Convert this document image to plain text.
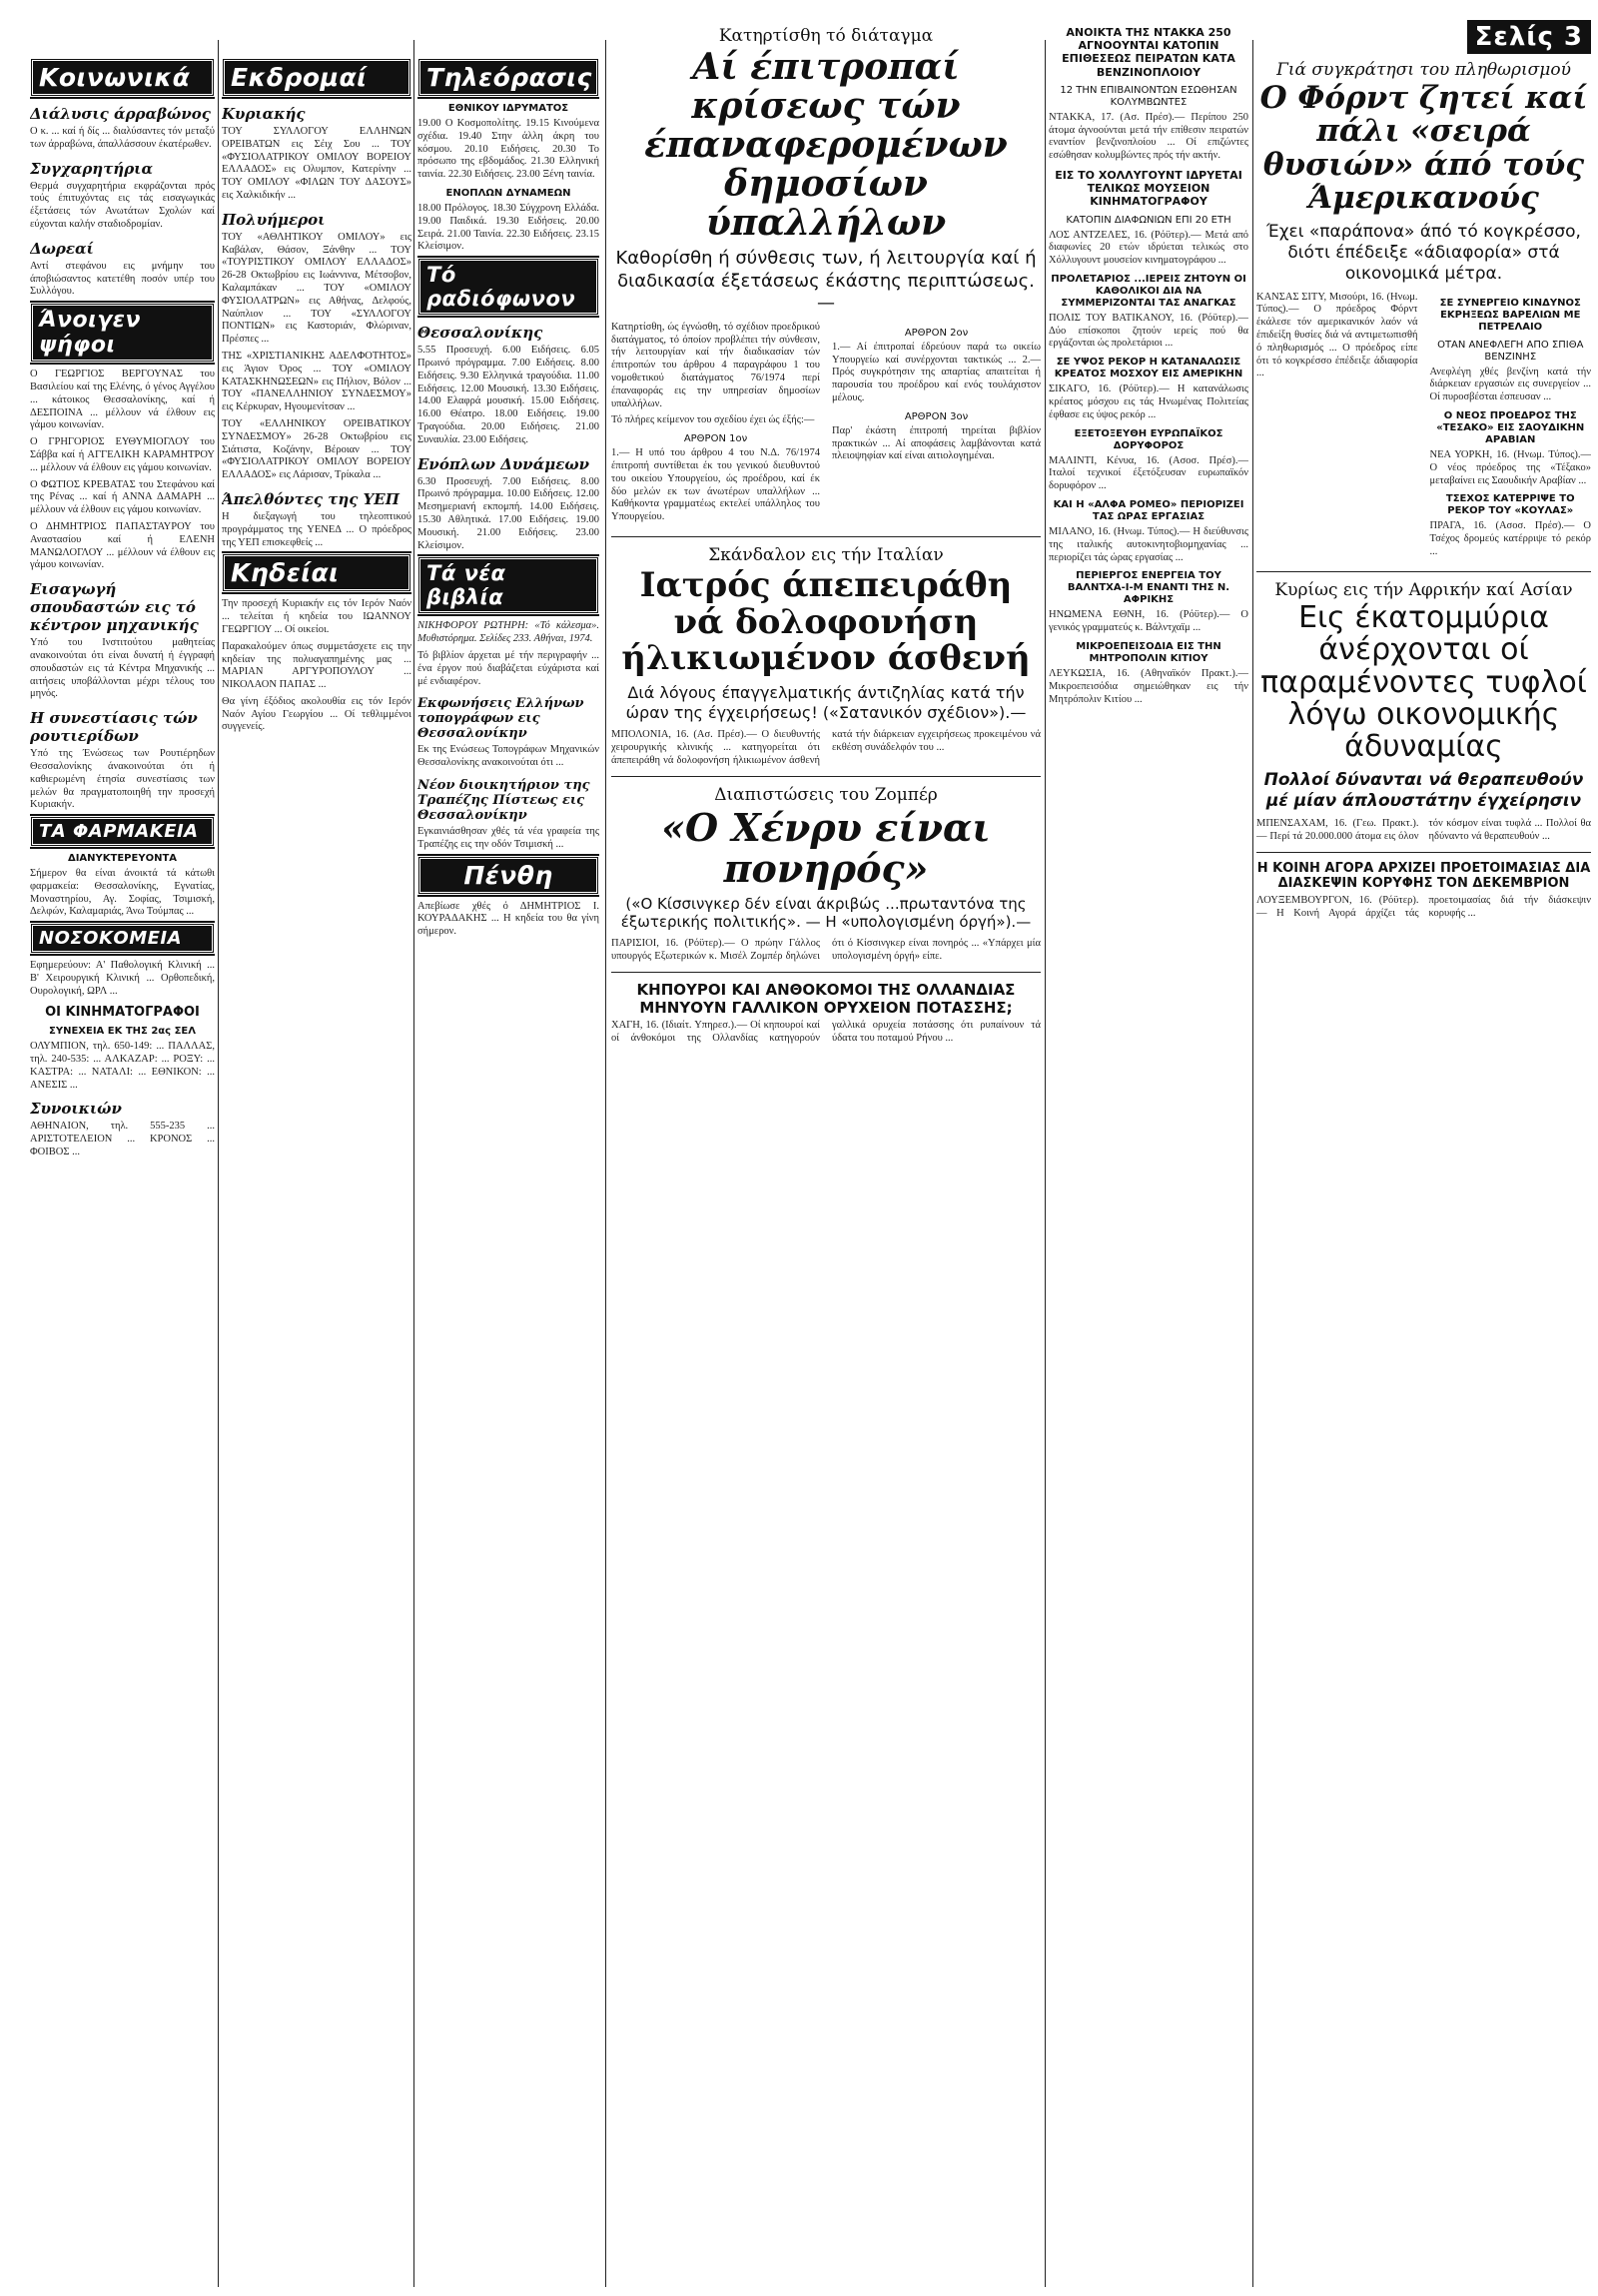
Κοινωνικά
Διάλυσις άρραβώνος

Ο κ. ... καί ή δίς ... διαλύσαντες τόν μεταξύ των άρραβώνα, άπαλλάσσουν έκατέρωθεν.

Συγχαρητήρια

Θερμά συγχαρητήρια εκφράζονται πρός τούς έπιτυχόντας εις τάς εισαγωγικάς έξετάσεις τών Ανωτάτων Σχολών καί εύχονται καλήν σταδιοδρομίαν.

Δωρεαί

Αντί στεφάνου εις μνήμην του άποβιώσαντος κατετέθη ποσόν υπέρ του Συλλόγου.

Άνοιγεν ψήφοι

Ο ΓΕΩΡΓΙΟΣ ΒΕΡΓΟΥΝΑΣ του Βασιλείου καί της Ελένης, ό γένος Αγγέλου ... κάτοικος Θεσσαλονίκης, καί ή ΔΕΣΠΟΙΝΑ ... μέλλουν νά έλθουν εις γάμου κοινωνίαν.

Ο ΓΡΗΓΟΡΙΟΣ ΕΥΘΥΜΙΟΓΛΟΥ του Σάββα καί ή ΑΓΓΕΛΙΚΗ ΚΑΡΑΜΗΤΡΟΥ ... μέλλουν νά έλθουν εις γάμου κοινωνίαν.

Ο ΦΩΤΙΟΣ ΚΡΕΒΑΤΑΣ του Στεφάνου καί της Ρένας ... καί ή ΑΝΝΑ ΔΑΜΑΡΗ ... μέλλουν νά έλθουν εις γάμου κοινωνίαν.

Ο ΔΗΜΗΤΡΙΟΣ ΠΑΠΑΣΤΑΥΡΟΥ του Αναστασίου καί ή ΕΛΕΝΗ ΜΑΝΩΛΟΓΛΟΥ ... μέλλουν νά έλθουν εις γάμου κοινωνίαν.

Εισαγωγή σπουδαστών εις τό κέντρον μηχανικής

Υπό του Ινστιτούτου μαθητείας ανακοινούται ότι είναι δυνατή ή έγγραφή σπουδαστών εις τά Κέντρα Μηχανικής ... αιτήσεις υποβάλλονται μέχρι τέλους του μηνός.

Η συνεστίασις τών ρουτιερίδων

Υπό της Ένώσεως των Ρουτιέρηδων Θεσσαλονίκης άνακοινούται ότι ή καθιερωμένη έτησία συνεστίασις των μελών θα πραγματοποιηθή την προσεχή Κυριακήν.

ΤΑ ΦΑΡΜΑΚΕΙΑ
ΔΙΑΝΥΚΤΕΡΕΥΟΝΤΑ

Σήμερον θα είναι άνοικτά τά κάτωθι φαρμακεία: Θεσσαλονίκης, Εγνατίας, Μοναστηρίου, Αγ. Σοφίας, Τσιμισκή, Δελφών, Καλαμαριάς, Άνω Τούμπας ...

ΝΟΣΟΚΟΜΕΙΑ

Εφημερεύουν: Α' Παθολογική Κλινική ... Β' Χειρουργική Κλινική ... Ορθοπεδική, Ουρολογική, ΩΡΛ ...

ΟΙ ΚΙΝΗΜΑΤΟΓΡΑΦΟΙ
ΣΥΝΕΧΕΙΑ ΕΚ ΤΗΣ 2ας ΣΕΛ

ΟΛΥΜΠΙΟΝ, τηλ. 650-149: ... ΠΑΛΛΑΣ, τηλ. 240-535: ... ΑΛΚΑΖΑΡ: ... ΡΟΞΥ: ... ΚΑΣΤΡΑ: ... ΝΑΤΑΛΙ: ... ΕΘΝΙΚΟΝ: ... ΑΝΕΣΙΣ ...

Συνοικιών

ΑΘΗΝΑΙΟΝ, τηλ. 555-235 ... ΑΡΙΣΤΟΤΕΛΕΙΟΝ ... ΚΡΟΝΟΣ ... ΦΟΙΒΟΣ ...

Εκδρομαί
Κυριακής

ΤΟΥ ΣΥΛΛΟΓΟΥ ΕΛΛΗΝΩΝ ΟΡΕΙΒΑΤΩΝ εις Σέιχ Σου ... ΤΟΥ «ΦΥΣΙΟΛΑΤΡΙΚΟΥ ΟΜΙΛΟΥ ΒΟΡΕΙΟΥ ΕΛΛΑΔΟΣ» εις Ολυμπον, Κατερίνην ... ΤΟΥ ΟΜΙΛΟΥ «ΦΙΛΩΝ ΤΟΥ ΔΑΣΟΥΣ» εις Χαλκιδικήν ...

Πολυήμεροι

ΤΟΥ «ΑΘΛΗΤΙΚΟΥ ΟΜΙΛΟΥ» εις Καβάλαν, Θάσον, Ξάνθην ... ΤΟΥ «ΤΟΥΡΙΣΤΙΚΟΥ ΟΜΙΛΟΥ ΕΛΛΑΔΟΣ» 26-28 Οκτωβρίου εις Ιωάννινα, Μέτσοβον, Καλαμπάκαν ... ΤΟΥ «ΟΜΙΛΟΥ ΦΥΣΙΟΛΑΤΡΩΝ» εις Αθήνας, Δελφούς, Ναύπλιον ... ΤΟΥ «ΣΥΛΛΟΓΟΥ ΠΟΝΤΙΩΝ» εις Καστοριάν, Φλώριναν, Πρέσπες ...

ΤΗΣ «ΧΡΙΣΤΙΑΝΙΚΗΣ ΑΔΕΛΦΟΤΗΤΟΣ» εις Άγιον Όρος ... ΤΟΥ «ΟΜΙΛΟΥ ΚΑΤΑΣΚΗΝΩΣΕΩΝ» εις Πήλιον, Βόλον ... ΤΟΥ «ΠΑΝΕΛΛΗΝΙΟΥ ΣΥΝΔΕΣΜΟΥ» εις Κέρκυραν, Ηγουμενίτσαν ...

ΤΟΥ «ΕΛΛΗΝΙΚΟΥ ΟΡΕΙΒΑΤΙΚΟΥ ΣΥΝΔΕΣΜΟΥ» 26-28 Οκτωβρίου εις Σιάτιστα, Κοζάνην, Βέροιαν ... ΤΟΥ «ΦΥΣΙΟΛΑΤΡΙΚΟΥ ΟΜΙΛΟΥ ΒΟΡΕΙΟΥ ΕΛΛΑΔΟΣ» εις Λάρισαν, Τρίκαλα ...

Άπελθόντες της ΥΕΠ

Η διεξαγωγή του τηλεοπτικού προγράμματος της ΥΕΝΕΔ ... Ο πρόεδρος της ΥΕΠ επισκεφθείς ...

Κηδείαι

Την προσεχή Κυριακήν εις τόν Ιερόν Ναόν ... τελείται ή κηδεία του ΙΩΑΝΝΟΥ ΓΕΩΡΓΙΟΥ ... Οί οικείοι.

Παρακαλούμεν όπως συμμετάσχετε εις την κηδείαν της πολυαγαπημένης μας ... ΜΑΡΙΑΝ ΑΡΓΥΡΟΠΟΥΛΟΥ ... ΝΙΚΟΛΑΟΝ ΠΑΠΑΣ ...

Θα γίνη έξόδιος ακολουθία εις τόν Ιερόν Ναόν Αγίου Γεωργίου ... Οί τεθλιμμένοι συγγενείς.

Τηλεόρασις
ΕΘΝΙΚΟΥ ΙΔΡΥΜΑΤΟΣ

19.00 Ο Κοσμοπολίτης. 19.15 Κινούμενα σχέδια. 19.40 Στην άλλη άκρη του κόσμου. 20.10 Ειδήσεις. 20.30 Το πρόσωπο της εβδομάδος. 21.30 Ελληνική ταινία. 22.30 Ειδήσεις. 23.00 Ξένη ταινία.

ΕΝΟΠΛΩΝ ΔΥΝΑΜΕΩΝ

18.00 Πρόλογος. 18.30 Σύγχρονη Ελλάδα. 19.00 Παιδικά. 19.30 Ειδήσεις. 20.00 Σειρά. 21.00 Ταινία. 22.30 Ειδήσεις. 23.15 Κλείσιμον.

Τό ραδιόφωνον
Θεσσαλονίκης

5.55 Προσευχή. 6.00 Ειδήσεις. 6.05 Πρωινό πρόγραμμα. 7.00 Ειδήσεις. 8.00 Ειδήσεις. 9.30 Ελληνικά τραγούδια. 11.00 Ειδήσεις. 12.00 Μουσική. 13.30 Ειδήσεις. 14.00 Ελαφρά μουσική. 15.00 Ειδήσεις. 16.00 Θέατρο. 18.00 Ειδήσεις. 19.00 Τραγούδια. 20.00 Ειδήσεις. 21.00 Συναυλία. 23.00 Ειδήσεις.

Ενόπλων Δυνάμεων

6.30 Προσευχή. 7.00 Ειδήσεις. 8.00 Πρωινό πρόγραμμα. 10.00 Ειδήσεις. 12.00 Μεσημεριανή εκπομπή. 14.00 Ειδήσεις. 15.30 Αθλητικά. 17.00 Ειδήσεις. 19.00 Μουσική. 21.00 Ειδήσεις. 23.00 Κλείσιμον.

Τά νέα βιβλία

ΝΙΚΗΦΟΡΟΥ ΡΩΤΗΡΗ: «Τό κάλεσμα». Μυθιστόρημα. Σελίδες 233. Αθήναι, 1974.

Τό βιβλίον άρχεται μέ τήν περιγραφήν ... ένα έργον πού διαβάζεται εύχάριστα καί μέ ενδιαφέρον.

Εκφωνήσεις Ελλήνων τοπογράφων εις Θεσσαλονίκην

Εκ της Ενώσεως Τοπογράφων Μηχανικών Θεσσαλονίκης ανακοινούται ότι ...

Νέον διοικητήριον της Τραπέζης Πίστεως εις Θεσσαλονίκην

Εγκαινιάσθησαν χθές τά νέα γραφεία της Τραπέζης εις την οδόν Τσιμισκή ...

Πένθη

Απεβίωσε χθές ό ΔΗΜΗΤΡΙΟΣ Ι. ΚΟΥΡΑΔΑΚΗΣ ... Η κηδεία του θα γίνη σήμερον.

Κατηρτίσθη τό διάταγμα
Αί έπιτροπαί κρίσεως τών έπαναφερομένων δημοσίων ύπαλλήλων
Καθορίσθη ή σύνθεσις των, ή λειτουργία καί ή διαδικασία έξετάσεως έκάστης περιπτώσεως.—

Κατηρτίσθη, ώς έγνώσθη, τό σχέδιον προεδρικού διατάγματος, τό όποίον προβλέπει τήν σύνθεσιν, τήν λειτουργίαν καί τήν διαδικασίαν τών έπιτροπών του άρθρου 4 παραγράφου 1 του νομοθετικού διατάγματος 76/1974 περί έπαναφοράς εις την υπηρεσίαν δημοσίων υπαλλήλων.

Τό πλήρες κείμενον του σχεδίου έχει ώς έξής:—

ΑΡΘΡΟΝ 1ον

1.— Η υπό του άρθρου 4 του Ν.Δ. 76/1974 έπιτροπή συντίθεται έκ του γενικού διευθυντού του οικείου Υπουργείου, ώς προέδρου, καί έκ δύο μελών εκ των άνωτέρων υπαλλήλων ... Καθήκοντα γραμματέως εκτελεί υπάλληλος του Υπουργείου.

ΑΡΘΡΟΝ 2ον

1.— Αί έπιτροπαί έδρεύουν παρά τω οικείω Υπουργείω καί συνέρχονται τακτικώς ... 2.— Πρός συγκρότησιν της απαρτίας απαιτείται ή παρουσία του προέδρου καί ενός τουλάχιστον μέλους.

ΑΡΘΡΟΝ 3ον

Παρ' έκάστη έπιτροπή τηρείται βιβλίον πρακτικών ... Αί αποφάσεις λαμβάνονται κατά πλειοψηφίαν καί είναι αιτιολογημέναι.

Σκάνδαλον εις τήν Ιταλίαν
Ιατρός άπεπειράθη νά δολοφονήση ήλικιωμένον άσθενή
Διά λόγους έπαγγελματικής άντιζηλίας κατά τήν ώραν της έγχειρήσεως! («Σατανικόν σχέδιον»).—

ΜΠΟΛΟΝΙΑ, 16. (Ασ. Πρέσ).— Ο διευθυντής χειρουργικής κλινικής ... κατηγορείται ότι άπεπειράθη νά δολοφονήση ήλικιωμένον άσθενή κατά τήν διάρκειαν εγχειρήσεως προκειμένου νά εκθέση συνάδελφόν του ...

Διαπιστώσεις του Ζομπέρ
«Ο Χένρυ είναι πονηρός»
(«Ο Κίσσινγκερ δέν είναι άκριβώς ...πρωταντόνα της έξωτερικής πολιτικής». — Η «υπολογισμένη όργή»).—

ΠΑΡΙΣΙΟΙ, 16. (Ρόϋτερ).— Ο πρώην Γάλλος υπουργός Εξωτερικών κ. Μισέλ Ζομπέρ δηλώνει ότι ό Κίσσινγκερ είναι πονηρός ... «Υπάρχει μία υπολογισμένη όργή» είπε.

ΚΗΠΟΥΡΟΙ ΚΑΙ ΑΝΘΟΚΟΜΟΙ ΤΗΣ ΟΛΛΑΝΔΙΑΣ ΜΗΝΥΟΥΝ ΓΑΛΛΙΚΟΝ ΟΡΥΧΕΙΟΝ ΠΟΤΑΣΣΗΣ;

ΧΑΓΗ, 16. (Ιδιαίτ. Υπηρεσ.).— Οί κηπουροί καί οί άνθοκόμοι της Ολλανδίας κατηγορούν γαλλικά ορυχεία ποτάσσης ότι ρυπαίνουν τά ύδατα του ποταμού Ρήνου ...

ΑΝΟΙΚΤΑ ΤΗΣ ΝΤΑΚΚΑ 250 ΑΓΝΟΟΥΝΤΑΙ ΚΑΤΟΠΙΝ ΕΠΙΘΕΣΕΩΣ ΠΕΙΡΑΤΩΝ ΚΑΤΑ ΒΕΝΖΙΝΟΠΛΟΙΟΥ
12 ΤΗΝ ΕΠΙΒΑΙΝΟΝΤΩΝ ΕΣΩΘΗΣΑΝ ΚΟΛΥΜΒΩΝΤΕΣ

ΝΤΑΚΚΑ, 17. (Ασ. Πρέσ).— Περίπου 250 άτομα άγνοούνται μετά τήν επίθεσιν πειρατών εναντίον βενζινοπλοίου ... Οί επιζώντες εσώθησαν κολυμβώντες πρός τήν ακτήν.

ΕΙΣ ΤΟ ΧΟΛΛΥΓΟΥΝΤ ΙΔΡΥΕΤΑΙ ΤΕΛΙΚΩΣ ΜΟΥΣΕΙΟΝ ΚΙΝΗΜΑΤΟΓΡΑΦΟΥ
ΚΑΤΟΠΙΝ ΔΙΑΦΩΝΙΩΝ ΕΠΙ 20 ΕΤΗ

ΛΟΣ ΑΝΤΖΕΛΕΣ, 16. (Ρόϋτερ).— Μετά από διαφωνίες 20 ετών ιδρύεται τελικώς στο Χόλλυγουντ μουσείον κινηματογράφου ...

ΠΡΟΛΕΤΑΡΙΟΣ ...ΙΕΡΕΙΣ ΖΗΤΟΥΝ ΟΙ ΚΑΘΟΛΙΚΟΙ ΔΙΑ ΝΑ ΣΥΜΜΕΡΙΖΟΝΤΑΙ ΤΑΣ ΑΝΑΓΚΑΣ

ΠΟΛΙΣ ΤΟΥ ΒΑΤΙΚΑΝΟΥ, 16. (Ρόϋτερ).— Δύο επίσκοποι ζητούν ιερείς πού θα εργάζονται ώς προλετάριοι ...

ΣΕ ΥΨΟΣ ΡΕΚΟΡ Η ΚΑΤΑΝΑΛΩΣΙΣ ΚΡΕΑΤΟΣ ΜΟΣΧΟΥ ΕΙΣ ΑΜΕΡΙΚΗΝ

ΣΙΚΑΓΟ, 16. (Ρόϋτερ).— Η κατανάλωσις κρέατος μόσχου εις τάς Ηνωμένας Πολιτείας έφθασε εις ύψος ρεκόρ ...

ΕΞΕΤΟΞΕΥΘΗ ΕΥΡΩΠΑΪΚΟΣ ΔΟΡΥΦΟΡΟΣ

ΜΑΛΙΝΤΙ, Κένυα, 16. (Ασοσ. Πρέσ).— Ιταλοί τεχνικοί έξετόξευσαν ευρωπαϊκόν δορυφόρον ...

ΚΑΙ Η «ΑΛΦΑ ΡΟΜΕΟ» ΠΕΡΙΟΡΙΖΕΙ ΤΑΣ ΩΡΑΣ ΕΡΓΑΣΙΑΣ

ΜΙΛΑΝΟ, 16. (Ηνωμ. Τύπος).— Η διεύθυνσις της ιταλικής αυτοκινητοβιομηχανίας ... περιορίζει τάς ώρας εργασίας ...

ΠΕΡΙΕΡΓΟΣ ΕΝΕΡΓΕΙΑ ΤΟΥ ΒΑΛΝΤΧΑ-Ι-Μ ΕΝΑΝΤΙ ΤΗΣ Ν. ΑΦΡΙΚΗΣ

ΗΝΩΜΕΝΑ ΕΘΝΗ, 16. (Ρόϋτερ).— Ο γενικός γραμματεύς κ. Βάλντχαϊμ ...

ΜΙΚΡΟΕΠΕΙΣΟΔΙΑ ΕΙΣ ΤΗΝ ΜΗΤΡΟΠΟΛΙΝ ΚΙΤΙΟΥ

ΛΕΥΚΩΣΙΑ, 16. (Αθηναϊκόν Πρακτ.).— Μικροεπεισόδια σημειώθηκαν εις τήν Μητρόπολιν Κιτίου ...

Σελίς 3
Γιά συγκράτησι του πληθωρισμού
Ο Φόρντ ζητεί καί πάλι «σειρά θυσιών» άπό τούς Άμερικανούς
Έχει «παράπονα» άπό τό κογκρέσσο, διότι έπέδειξε «άδιαφορία» στά οικονομικά μέτρα.

ΚΑΝΣΑΣ ΣΙΤΥ, Μισούρι, 16. (Ηνωμ. Τύπος).— Ο πρόεδρος Φόρντ έκάλεσε τόν αμερικανικόν λαόν νά έπιδείξη θυσίες διά νά αντιμετωπισθή ό πληθωρισμός ... Ο πρόεδρος είπε ότι τό κογκρέσσο έπέδειξε άδιαφορία ...

ΣΕ ΣΥΝΕΡΓΕΙΟ ΚΙΝΔΥΝΟΣ ΕΚΡΗΞΕΩΣ ΒΑΡΕΛΙΩΝ ΜΕ ΠΕΤΡΕΛΑΙΟ
ΟΤΑΝ ΑΝΕΦΛΕΓΗ ΑΠΟ ΣΠΙΘΑ ΒΕΝΖΙΝΗΣ

Ανεφλέγη χθές βενζίνη κατά τήν διάρκειαν εργασιών εις συνεργείον ... Οί πυροσβέσται έσπευσαν ...

Ο ΝΕΟΣ ΠΡΟΕΔΡΟΣ ΤΗΣ «ΤΕΣΑΚΟ» ΕΙΣ ΣΑΟΥΔΙΚΗΝ ΑΡΑΒΙΑΝ

ΝΕΑ ΥΟΡΚΗ, 16. (Ηνωμ. Τύπος).— Ο νέος πρόεδρος της «Τέξακο» μεταβαίνει εις Σαουδικήν Αραβίαν ...

ΤΣΕΧΟΣ ΚΑΤΕΡΡΙΨΕ ΤΟ ΡΕΚΟΡ ΤΟΥ «ΚΟΥΛΑΣ»

ΠΡΑΓΑ, 16. (Ασοσ. Πρέσ).— Ο Τσέχος δρομεύς κατέρριψε τό ρεκόρ ...

Κυρίως εις τήν Αφρικήν καί Ασίαν
Εις έκατομμύρια άνέρχονται οί παραμένοντες τυφλοί λόγω οικονομικής άδυναμίας
Πολλοί δύνανται νά θεραπευθούν μέ μίαν άπλουστάτην έγχείρησιν

ΜΠΕΝΣΑΧΑΜ, 16. (Γεω. Πρακτ.).— Περί τά 20.000.000 άτομα εις όλον τόν κόσμον είναι τυφλά ... Πολλοί θα ηδύναντο νά θεραπευθούν ...

Η ΚΟΙΝΗ ΑΓΟΡΑ ΑΡΧΙΖΕΙ ΠΡΟΕΤΟΙΜΑΣΙΑΣ ΔΙΑ ΔΙΑΣΚΕΨΙΝ ΚΟΡΥΦΗΣ ΤΟΝ ΔΕΚΕΜΒΡΙΟΝ

ΛΟΥΞΕΜΒΟΥΡΓΟΝ, 16. (Ρόϋτερ).— Η Κοινή Αγορά άρχίζει τάς προετοιμασίας διά τήν διάσκεψιν κορυφής ...
